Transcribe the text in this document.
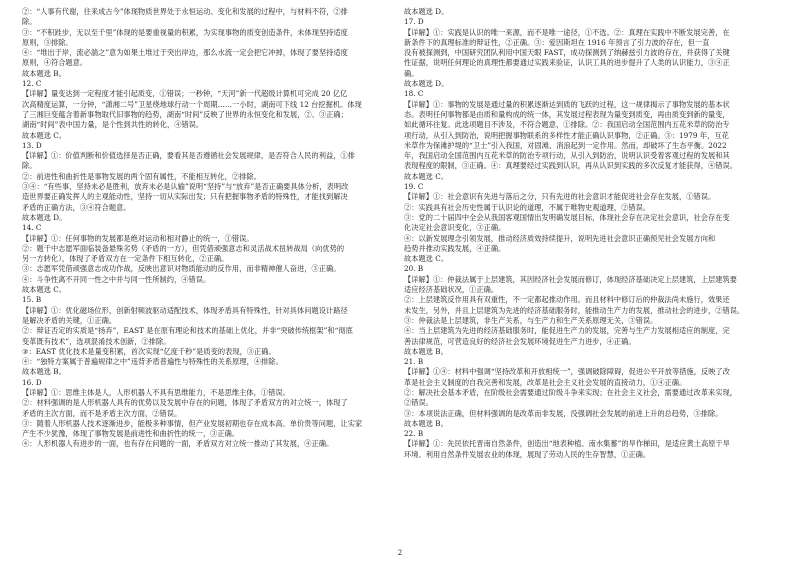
②：“人事有代谢，往来成古今”体现物质世界处于永恒运动、变化和发展的过程中，与材料不符，②排
除。
③：“不积跬步，无以至千里”体现的是要重视量的积累，为实现事物的质变创造条件，未体现坚持适度
原则，③排除。
④：“堆出于岸，流必湍之”意为如果土堆过于突出岸边，那么水流一定会把它冲掉，体现了要坚持适度
原则，④符合题意。
故本题选 B。
12. C
【详解】量变达到一定程度才能引起质变，①错误；一秒钟，“天河”新一代超级计算机可完成 20 亿亿
次高精度运算，一分钟，“潇湘二号”卫星绕地球行动一个周期……一小时，湖南可下线 12 台挖掘机。体现
了三湘巨变蕴含着新事物取代旧事物的趋势，湖南“时间”反映了世界的永恒变化和发展，②、③正确；
湖南“时间”表中国力量，是个性到共性的转化，④错误。
故本题选 C。
13. D
【详解】①：价值判断和价值选择是否正确，要看其是否遵循社会发展规律，是否符合人民的利益，①排
除。
②：前进性和曲折性是事物发展的两个固有属性，不能相互转化，②排除。
③④：“有些事，坚持未必是胜利，放弃未必是认输”说明“坚持”与“放弃”是否正确要具体分析，表明改
造世界要正确发挥人的主观能动性，坚持一切从实际出发；只有把握事物矛盾的特殊性，才能找到解决
矛盾的正确方法，③④符合题意。
故本题选 D。
14. C
【详解】①：任何事物的发展都是绝对运动和相对静止的统一，①错误。
②：题干中志愿军面临装备悬殊劣势（矛盾的一方），但凭借顽强意志和灵活战术扭转战局（向优势的
另一方转化），体现了矛盾双方在一定条件下相互转化，②正确。
③：志愿军凭借顽强意志成功作战，反映出意识对物质能动的反作用，而非精神催人奋进，③正确。
④：斗争性离不开同一性之中并与同一性所制约，④错误。
故本题选 C。
15. B
【详解】①：优化磁场位形，创新射频波驱动适配技术，体现矛盾具有特殊性，针对具体问题设计路径
是解决矛盾的关键，①正确。
②：辩证否定的实质是“扬弃”，EAST 是在原有理论和技术的基础上优化，并非“突破传统框架”和“彻底
变革既有技术”，选项混淆技术创新，②排除。
③：EAST 优化技术是量变积累，首次实现“亿度千秒”是质变的表现，③正确。
④：“独特方案属于普遍规律之中”违背矛盾普遍性与特殊性的关系原理，④排除。
故本题选 B。
16. D
【详解】①：思维主体是人，人形机器人不具有思维能力，不是思维主体，①错误。
②：材料强调的是人形机器人具有的优势以及发展中存在的问题，体现了矛盾双方的对立统一，体现了
矛盾的主次方面，而不是矛盾主次方面，②错误。
③：随着人形机器人技术逐渐进步，能极多种事情，但产业发展初期也存在成本高、单价贵等问题，让实家
产生不少犹豫，体现了事物发展是前进性和曲折性的统一，③正确。
④：人形机器人有进步的一面，也有存在问题的一面，矛盾双方对立统一推动了其发展，④正确。
故本题选 D。
17. D
【详解】①：实践是认识的唯一来源，而不是唯一途径，①不选。②：真理在实践中不断发展完善，在
新条件下的真理标准的辩证性，②正确。③：爱因斯坦在 1916 年预言了引力波的存在，但一直
没有被探测到，中国研究团队利用中国天眼 FAST，成功探测到了纳赫兹引力波的存在，并获得了关键
性证据，说明任何理论的真理性都要通过实践来验证，认识工具的进步提升了人类的认识能力，③④正
确。
故本题选 D。
18. C
【详解】①：事物的发展是通过量的积累逐渐达到质的飞跃的过程，这一规律揭示了事物发展的基本状
态。表明任何事物都是由质和量构成的统一体，其发展过程表现为量变到质变，再由质变到新的量变，
如此循环往复。此选项题目不涉及，不符合题意，①排除。②：我国启动全国范围内五花米草的防治专
项行动，从引入到防治，说明把握事物联系的多样性才能正确认识事物，②正确。③：1979 年，互花
米草作为保滩护堤的“卫士”引入我国，对固滩、消浪起到一定作用。然而，却破坏了生态平衡。2022
年，我国启动全国范围内互花米草的防治专项行动，从引入到防治，说明认识受着客观过程的发展和其
表现程度的限制，③正确。④：真理要经过实践到认识，再从认识到实践的多次反复才能获得，④错误。
故本题选 C。
19. C
【详解】①：社会意识有先进与落后之分，只有先进的社会意识才能促进社会存在发展，①错误。
②：实践具有社会历史性属于认识论的道理，不属于唯物史观道理，②错误。
③：党的二十届四中全会从我国客观国情出发明确发展目标，体现社会存在决定社会意识，社会存在变
化决定社会意识变化，③正确。
④：以新发展理念引领发展，推动经济质效持续提升，说明先进社会意识正确预见社会发展方向和
趋势并推动实践发展，④正确。
故本题选 C。
20. B
【详解】①：仲裁法属于上层建筑，其因经济社会发展而修订，体现经济基础决定上层建筑，上层建筑要
适应经济基础状况，①正确。
②：上层建筑反作用具有双重性，不一定都起推动作用。而且材料中修订后的仲裁法尚未施行，效果还
未发生，另外，并且上层建筑为先进的经济基础服务时，能推动生产力的发展，推动社会的进步，②错误。
③：仲裁法是上层建筑，非生产关系，与生产力和生产关系原理无关，③错误。
④：当上层建筑为先进的经济基础服务时，能促进生产力的发展，完善与生产力发展相适应的制度，完
善法律规范，可营造良好的经济社会发展环境促进生产力进步，④正确。
故本题选 B。
21. B
【详解】①④：材料中强调“坚持改革和开放相统一”，强调破除障碍，促进公平开放等措施，反映了改
革是社会主义制度的自我完善和发展，改革是社会主义社会发展的直接动力，①④正确。
②：解决社会基本矛盾，在阶级社会需要通过阶级斗争来实现；在社会主义社会，需要通过改革来实现，
②错误。
③：本项说法正确，但材料强调的是改革而非发展，没强调社会发展的前进上升的总趋势，③排除。
故本题选 B。
22. B
【详解】①：先民依托晋南自然条件，创造出“地表种植、南水集蓄”的旱作梯田，是适应黄土高原干旱
环境、利用自然条件发展农业的体现，展现了劳动人民的生存智慧，①正确。
2
